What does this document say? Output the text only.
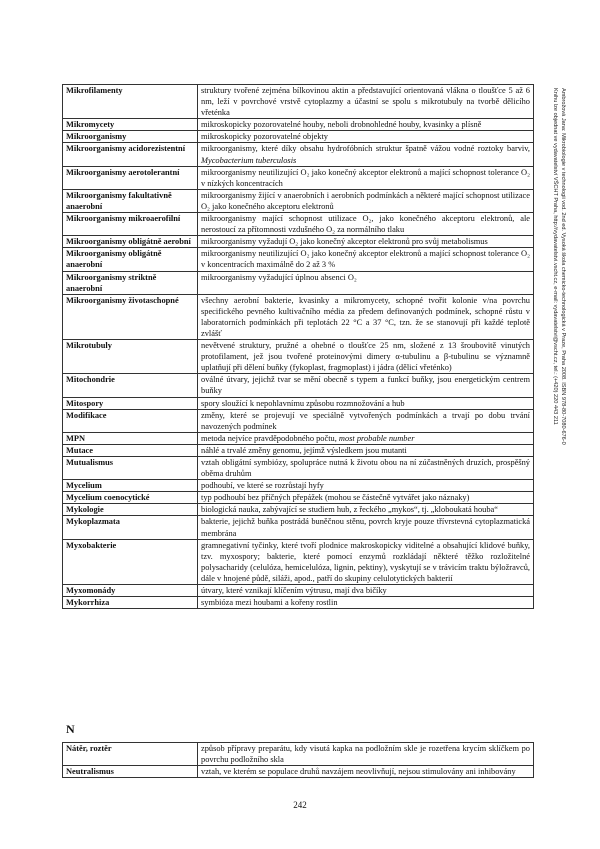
Mikrofilamenty	struktury tvořené zejména bílkovinou aktin a představující orientovaná vlákna o tloušťce 5 až 6 nm, leží v povrchové vrstvě cytoplazmy a účastní se spolu s mikrotubuly na tvorbě dělicího vřeténka
Mikromycety	mikroskopicky pozorovatelné houby, neboli drobnohledné houby, kvasinky a plísně
Mikroorganismy	mikroskopicky pozorovatelné objekty
Mikroorganismy acidorezistentní	mikroorganismy, které díky obsahu hydrofóbních struktur špatně vážou vodné roztoky barviv, Mycobacterium tuberculosis
Mikroorganismy aerotolerantní	mikroorganismy neutilizující O₂ jako konečný akceptor elektronů a mající schopnost tolerance O₂ v nízkých koncentracích
Mikroorganismy fakultativně anaerobní	mikroorganismy žijící v anaerobních i aerobních podmínkách a některé mající schopnost utilizace O₂ jako konečného akceptoru elektronů
Mikroorganismy mikroaerofilní	mikroorganismy mající schopnost utilizace O₂, jako konečného akceptoru elektronů, ale nerostoucí za přítomnosti vzdušného O₂ za normálního tlaku
Mikroorganismy obligátně aerobní	mikroorganismy vyžadují O₂ jako konečný akceptor elektronů pro svůj metabolismus
Mikroorganismy obligátně anaerobní	mikroorganismy neutilizující O₂ jako konečný akceptor elektronů a mající schopnost tolerance O₂ v koncentracích maximálně do 2 až 3 %
Mikroorganismy striktně anaerobní	mikroorganismy vyžadující úplnou absenci O₂
Mikroorganismy životaschopné	všechny aerobní bakterie, kvasinky a mikromycety, schopné tvořit kolonie v/na povrchu specifického pevného kultivačního média za předem definovaných podmínek, schopné růstu v laboratorních podmínkách při teplotách 22 °C a 37 °C, tzn. že se stanovují při každé teplotě zvlášť
Mikrotubuly	nevětvené struktury, pružné a ohebné o tloušťce 25 nm, složené z 13 šroubovitě vinutých protofilament, jež jsou tvořené proteinovými dimery α-tubulinu a β-tubulinu se významně uplatňují při dělení buňky (fykoplast, fragmoplast) i jádra (dělicí vřeténko)
Mitochondrie	oválné útvary, jejichž tvar se mění obecně s typem a funkcí buňky, jsou energetickým centrem buňky
Mitospory	spory sloužící k nepohlavnímu způsobu rozmnožování a hub
Modifikace	změny, které se projevují ve speciálně vytvořených podmínkách a trvají po dobu trvání navozených podmínek
MPN	metoda nejvíce pravděpodobného počtu, most probable number
Mutace	náhlé a trvalé změny genomu, jejímž výsledkem jsou mutanti
Mutualismus	vztah obligátní symbiózy, spolupráce nutná k životu obou na ní zúčastněných druzích, prospěšný oběma druhům
Mycelium	podhoubí, ve které se rozrůstají hyfy
Mycelium coenocytické	typ podhoubí bez příčných přepážek (mohou se částečně vytvářet jako náznaky)
Mykologie	biologická nauka, zabývající se studiem hub, z řeckého „mykos“, tj. „kloboukatá houba“
Mykoplazmata	bakterie, jejichž buňka postrádá buněčnou stěnu, povrch kryje pouze třívrstevná cytoplazmatická membrána
Myxobakterie	gramnegativní tyčinky, které tvoří plodnice makroskopicky viditelné a obsahující klidové buňky, tzv. myxospory; bakterie, které pomocí enzymů rozkládají některé těžko rozložitelné polysacharidy (celulóza, hemicelulóza, lignin, pektiny), vyskytují se v trávicím traktu býložravců, dále v hnojené půdě, siláži, apod., patří do skupiny celulotytických bakterií
Myxomonády	útvary, které vznikají klíčením výtrusu, mají dva bičíky
Mykorrhiza	symbióza mezi houbami a kořeny rostlin
N
Nátěr, roztěr	způsob přípravy preparátu, kdy visutá kapka na podložním skle je rozetřena krycím sklíčkem po povrchu podložního skla
Neutralismus	vztah, ve kterém se populace druhů navzájem neovlivňují, nejsou stimulovány ani inhibovány
Ambrožová Jana: Mikrobiologie v technologii vod. 2nd ed. Vysoká škola chemicko-technologická v Praze, Praha 2008. ISBN 978-80-7080-676-0
Knihu lze objednat ve vydavatelství VŠCHT Praha, http://vydavatelstvi.vscht.cz, e-mail: vydavatelstvi@vscht.cz, tel.: (+420) 220 443 211
242
